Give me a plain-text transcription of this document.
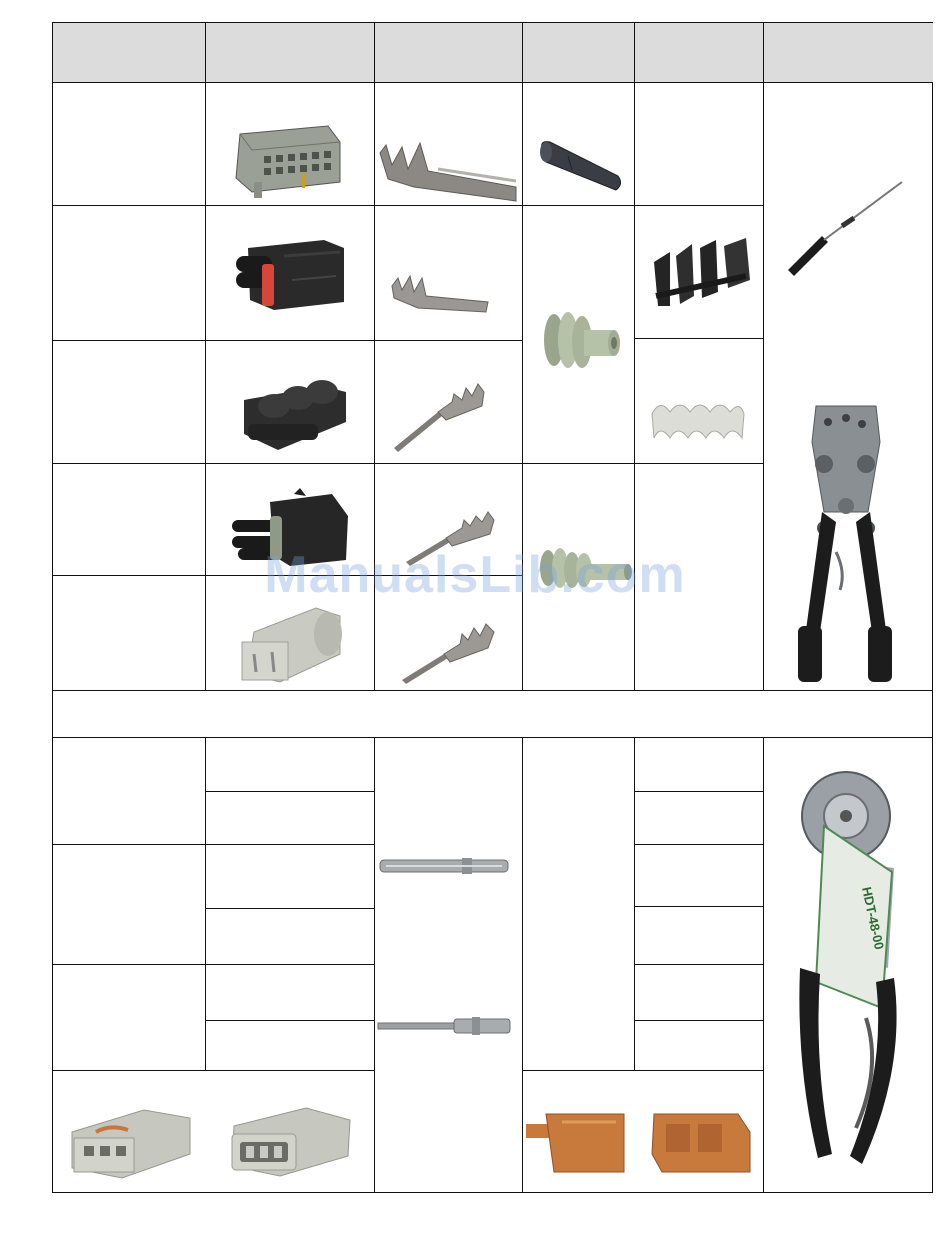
HDT-48-00
ManualsLib.com
